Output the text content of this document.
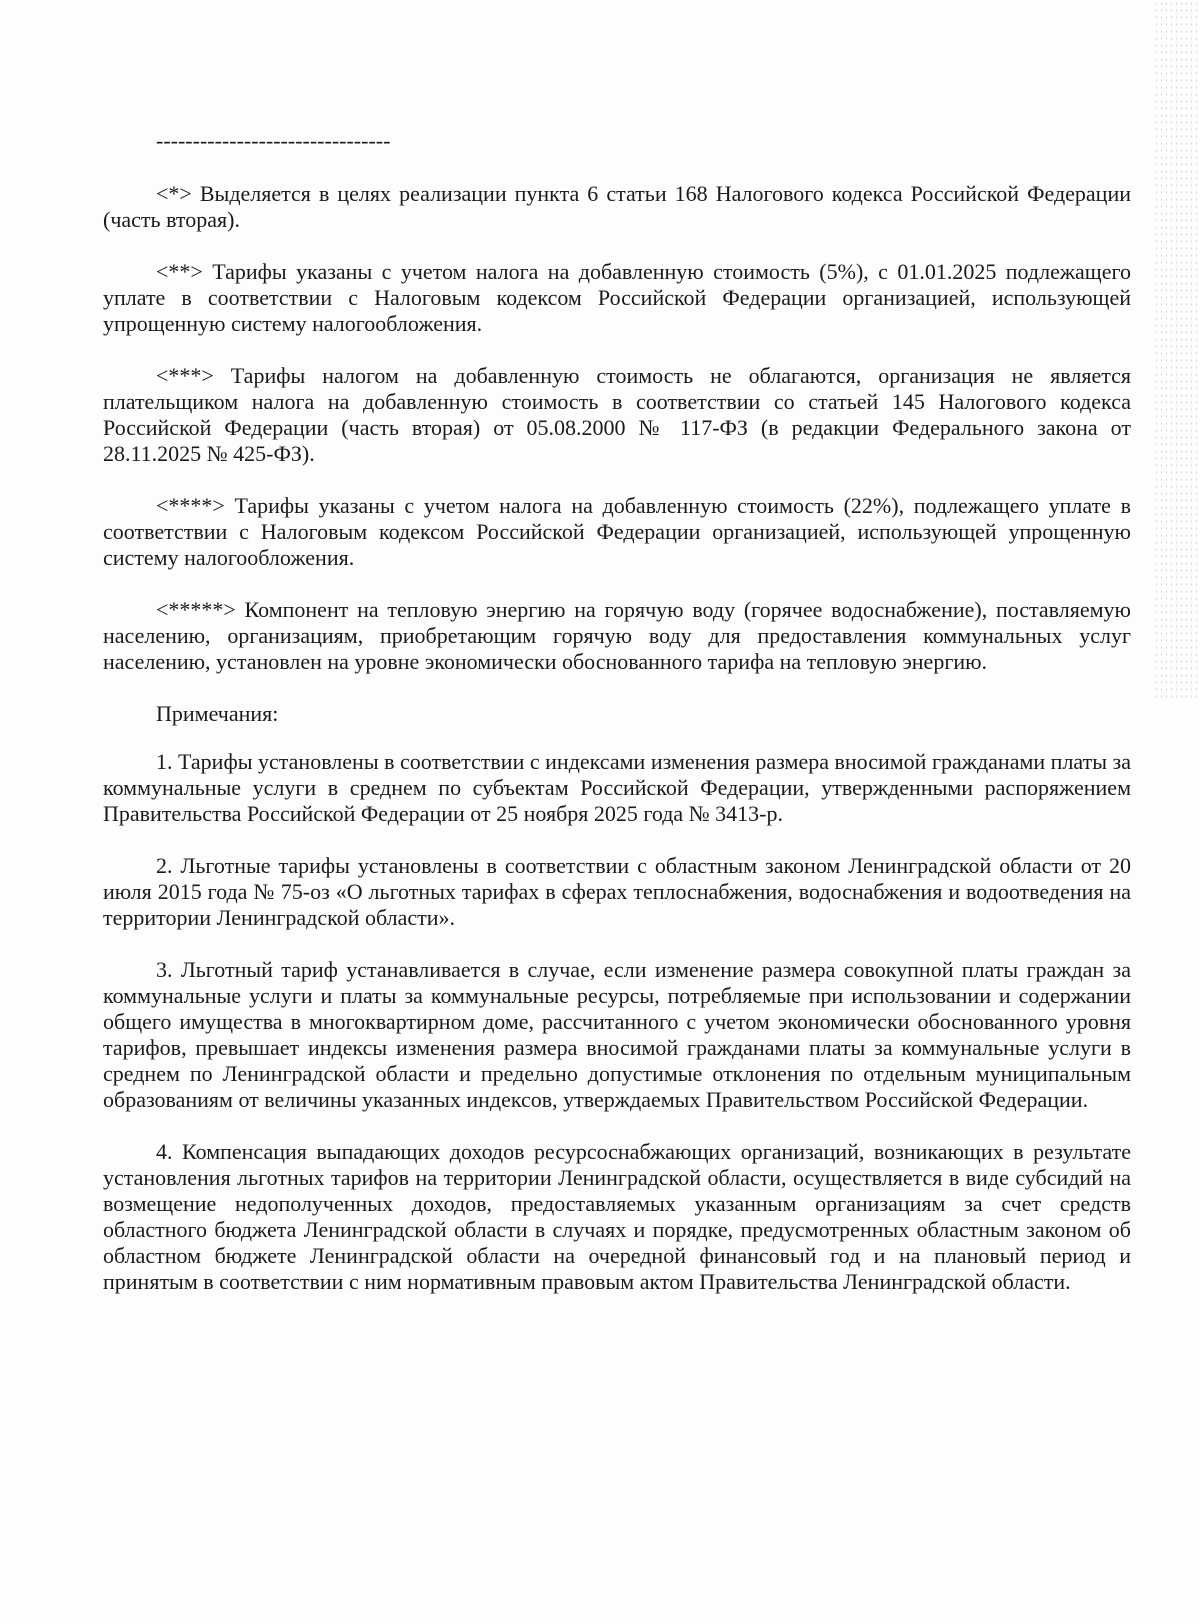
--------------------------------

<*> Выделяется в целях реализации пункта 6 статьи 168 Налогового кодекса Российской Федерации (часть вторая).

<**> Тарифы указаны с учетом налога на добавленную стоимость (5%), с 01.01.2025 подлежащего уплате в соответствии с Налоговым кодексом Российской Федерации организацией, использующей упрощенную систему налогообложения.

<***> Тарифы налогом на добавленную стоимость не облагаются, организация не является плательщиком налога на добавленную стоимость в соответствии со статьей 145 Налогового кодекса Российской Федерации (часть вторая) от 05.08.2000 № 117-ФЗ (в редакции Федерального закона от 28.11.2025 № 425-ФЗ).

<****> Тарифы указаны с учетом налога на добавленную стоимость (22%), подлежащего уплате в соответствии с Налоговым кодексом Российской Федерации организацией, использующей упрощенную систему налогообложения.

<*****> Компонент на тепловую энергию на горячую воду (горячее водоснабжение), поставляемую населению, организациям, приобретающим горячую воду для предоставления коммунальных услуг населению, установлен на уровне экономически обоснованного тарифа на тепловую энергию.

Примечания:

1. Тарифы установлены в соответствии с индексами изменения размера вносимой гражданами платы за коммунальные услуги в среднем по субъектам Российской Федерации, утвержденными распоряжением Правительства Российской Федерации от 25 ноября 2025 года № 3413-р.

2. Льготные тарифы установлены в соответствии с областным законом Ленинградской области от 20 июля 2015 года № 75-оз «О льготных тарифах в сферах теплоснабжения, водоснабжения и водоотведения на территории Ленинградской области».

3. Льготный тариф устанавливается в случае, если изменение размера совокупной платы граждан за коммунальные услуги и платы за коммунальные ресурсы, потребляемые при использовании и содержании общего имущества в многоквартирном доме, рассчитанного с учетом экономически обоснованного уровня тарифов, превышает индексы изменения размера вносимой гражданами платы за коммунальные услуги в среднем по Ленинградской области и предельно допустимые отклонения по отдельным муниципальным образованиям от величины указанных индексов, утверждаемых Правительством Российской Федерации.

4. Компенсация выпадающих доходов ресурсоснабжающих организаций, возникающих в результате установления льготных тарифов на территории Ленинградской области, осуществляется в виде субсидий на возмещение недополученных доходов, предоставляемых указанным организациям за счет средств областного бюджета Ленинградской области в случаях и порядке, предусмотренных областным законом об областном бюджете Ленинградской области на очередной финансовый год и на плановый период и принятым в соответствии с ним нормативным правовым актом Правительства Ленинградской области.
